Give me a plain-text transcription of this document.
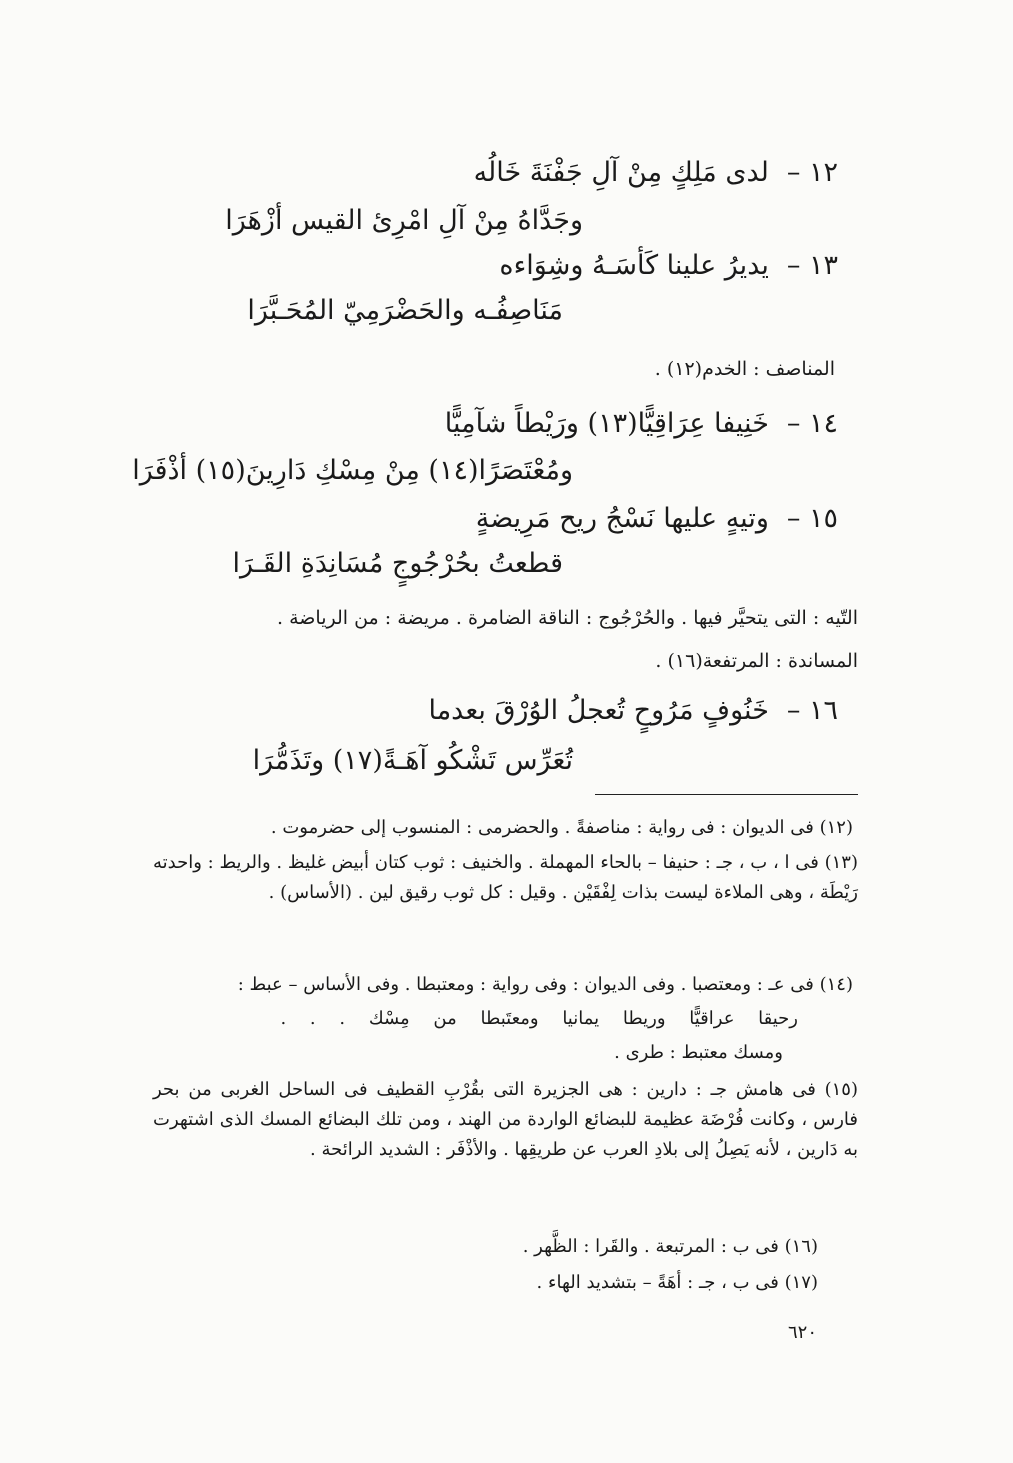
١٢ –لدى مَلِكٍ مِنْ آلِ جَفْنَةَ خَالُه
وجَدَّاهُ مِنْ آلِ امْرِئ القيس أزْهَرَا
١٣ –يديرُ علينا كَأسَـهُ وشِوَاءه
مَنَاصِفُـه والحَضْرَمِيّ المُحَـبَّرَا
المناصف : الخدم(١٢) .
١٤ –خَنِيفا عِرَاقِيًّا(١٣) ورَيْطاً شآمِيًّا
ومُعْتَصَرًا(١٤) مِنْ مِسْكِ دَارِينَ(١٥) أذْفَرَا
١٥ –وتيهٍ عليها نَسْجُ ريح مَرِيضةٍ
قطعتُ بحُرْجُوجٍ مُسَانِدَةِ القَـرَا
التّيه : التى يتحيَّر فيها . والحُرْجُوج : الناقة الضامرة . مريضة : من الرياضة .
المساندة : المرتفعة(١٦) .
١٦ –خَنُوفٍ مَرُوحٍ تُعجلُ الوُرْقَ بعدما
تُعَرِّس تَشْكُو آهَـةً(١٧) وتَذَمُّرَا
(١٢) فى الديوان : فى رواية : مناصفةً . والحضرمى : المنسوب إلى حضرموت .
(١٣) فى ا ، ب ، جـ : حنيفا – بالحاء المهملة . والخنيف : ثوب كتان أبيض غليظ . والريط : واحدته رَيْطَة ، وهى الملاءة ليست بذات لِفْقَيْن . وقيل : كل ثوب رقيق لين . (الأساس) .
(١٤) فى عـ : ومعتصبا . وفى الديوان : وفى رواية : ومعتبطا . وفى الأساس – عبط :
رحيقا عراقيًّا وريطا يمانيا ومعتَبطا من مِسْك . . .
ومسك معتبط : طرى .
(١٥) فى هامش جـ : دارين : هى الجزيرة التى بقُرْبِ القطيف فى الساحل الغربى من بحر فارس ، وكانت فُرْضَة عظيمة للبضائع الواردة من الهند ، ومن تلك البضائع المسك الذى اشتهرت به دَارين ، لأنه يَصِلُ إلى بلادِ العرب عن طريقِها . والأذْفَر : الشديد الرائحة .
(١٦) فى ب : المرتبعة . والقَرا : الظَّهر .
(١٧) فى ب ، جـ : أهَةً – بتشديد الهاء .
٦٢٠
